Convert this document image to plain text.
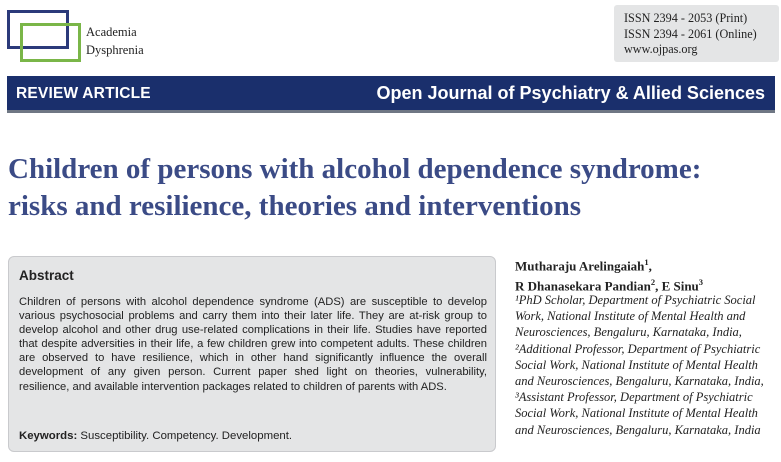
Academia
Dysphrenia
ISSN 2394 - 2053 (Print)
ISSN 2394 - 2061 (Online)
www.ojpas.org
REVIEW ARTICLE	Open Journal of Psychiatry & Allied Sciences
Children of persons with alcohol dependence syndrome:
risks and resilience, theories and interventions
Abstract
Children of persons with alcohol dependence syndrome (ADS) are susceptible to develop various psychosocial problems and carry them into their later life. They are at-risk group to develop alcohol and other drug use-related complications in their life. Studies have reported that despite adversities in their life, a few children grew into competent adults. These children are observed to have resilience, which in other hand significantly influence the overall development of any given person. Current paper shed light on theories, vulnerability, resilience, and available intervention packages related to children of parents with ADS.
Keywords: Susceptibility. Competency. Development.
Mutharaju Arelingaiah$^1$,
R Dhanasekara Pandian$^2$, E Sinu$^3$
¹PhD Scholar, Department of Psychiatric Social Work, National Institute of Mental Health and Neurosciences, Bengaluru, Karnataka, India, ²Additional Professor, Department of Psychiatric Social Work, National Institute of Mental Health and Neurosciences, Bengaluru, Karnataka, India, ³Assistant Professor, Department of Psychiatric Social Work, National Institute of Mental Health and Neurosciences, Bengaluru, Karnataka, India
